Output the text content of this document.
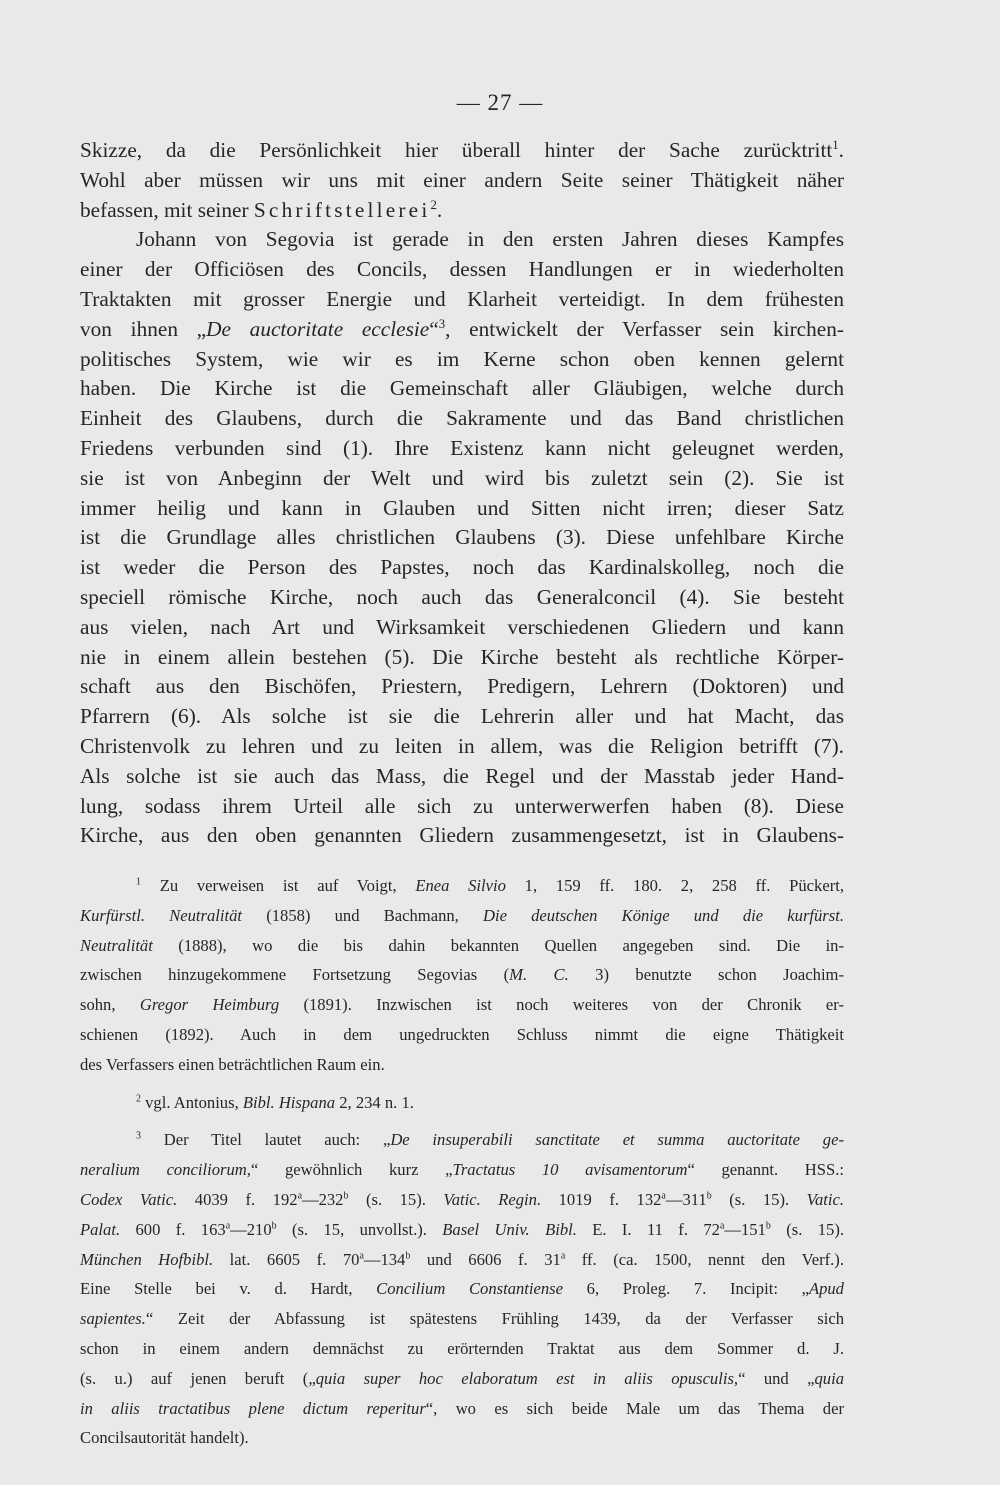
— 27 —
Skizze, da die Persönlichkeit hier überall hinter der Sache zurücktritt$^1$.
Wohl aber müssen wir uns mit einer andern Seite seiner Thätigkeit näher
befassen, mit seiner Schriftstellerei$^2$.
Johann von Segovia ist gerade in den ersten Jahren dieses Kampfes
einer der Officiösen des Concils, dessen Handlungen er in wiederholten
Traktakten mit grosser Energie und Klarheit verteidigt. In dem frühesten
von ihnen „De auctoritate ecclesie“$^3$, entwickelt der Verfasser sein kirchen-
politisches System, wie wir es im Kerne schon oben kennen gelernt
haben. Die Kirche ist die Gemeinschaft aller Gläubigen, welche durch
Einheit des Glaubens, durch die Sakramente und das Band christlichen
Friedens verbunden sind (1). Ihre Existenz kann nicht geleugnet werden,
sie ist von Anbeginn der Welt und wird bis zuletzt sein (2). Sie ist
immer heilig und kann in Glauben und Sitten nicht irren; dieser Satz
ist die Grundlage alles christlichen Glaubens (3). Diese unfehlbare Kirche
ist weder die Person des Papstes, noch das Kardinalskolleg, noch die
speciell römische Kirche, noch auch das Generalconcil (4). Sie besteht
aus vielen, nach Art und Wirksamkeit verschiedenen Gliedern und kann
nie in einem allein bestehen (5). Die Kirche besteht als rechtliche Körper-
schaft aus den Bischöfen, Priestern, Predigern, Lehrern (Doktoren) und
Pfarrern (6). Als solche ist sie die Lehrerin aller und hat Macht, das
Christenvolk zu lehren und zu leiten in allem, was die Religion betrifft (7).
Als solche ist sie auch das Mass, die Regel und der Masstab jeder Hand-
lung, sodass ihrem Urteil alle sich zu unterwerwerfen haben (8). Diese
Kirche, aus den oben genannten Gliedern zusammengesetzt, ist in Glaubens-
$^1$ Zu verweisen ist auf Voigt, Enea Silvio 1, 159 ff. 180. 2, 258 ff. Pückert,
Kurfürstl. Neutralität (1858) und Bachmann, Die deutschen Könige und die kurfürst.
Neutralität (1888), wo die bis dahin bekannten Quellen angegeben sind. Die in-
zwischen hinzugekommene Fortsetzung Segovias (M. C. 3) benutzte schon Joachim-
sohn, Gregor Heimburg (1891). Inzwischen ist noch weiteres von der Chronik er-
schienen (1892). Auch in dem ungedruckten Schluss nimmt die eigne Thätigkeit
des Verfassers einen beträchtlichen Raum ein.
$^2$ vgl. Antonius, Bibl. Hispana 2, 234 n. 1.
$^3$ Der Titel lautet auch: „De insuperabili sanctitate et summa auctoritate ge-
neralium conciliorum,“ gewöhnlich kurz „Tractatus 10 avisamentorum“ genannt. HSS.:
Codex Vatic. 4039 f. 192$^a$—232$^b$ (s. 15). Vatic. Regin. 1019 f. 132$^a$—311$^b$ (s. 15). Vatic.
Palat. 600 f. 163$^a$—210$^b$ (s. 15, unvollst.). Basel Univ. Bibl. E. I. 11 f. 72$^a$—151$^b$ (s. 15).
München Hofbibl. lat. 6605 f. 70$^a$—134$^b$ und 6606 f. 31$^a$ ff. (ca. 1500, nennt den Verf.).
Eine Stelle bei v. d. Hardt, Concilium Constantiense 6, Proleg. 7. Incipit: „Apud
sapientes.“ Zeit der Abfassung ist spätestens Frühling 1439, da der Verfasser sich
schon in einem andern demnächst zu erörternden Traktat aus dem Sommer d. J.
(s. u.) auf jenen beruft („quia super hoc elaboratum est in aliis opusculis,“ und „quia
in aliis tractatibus plene dictum reperitur“, wo es sich beide Male um das Thema der
Concilsautorität handelt).
